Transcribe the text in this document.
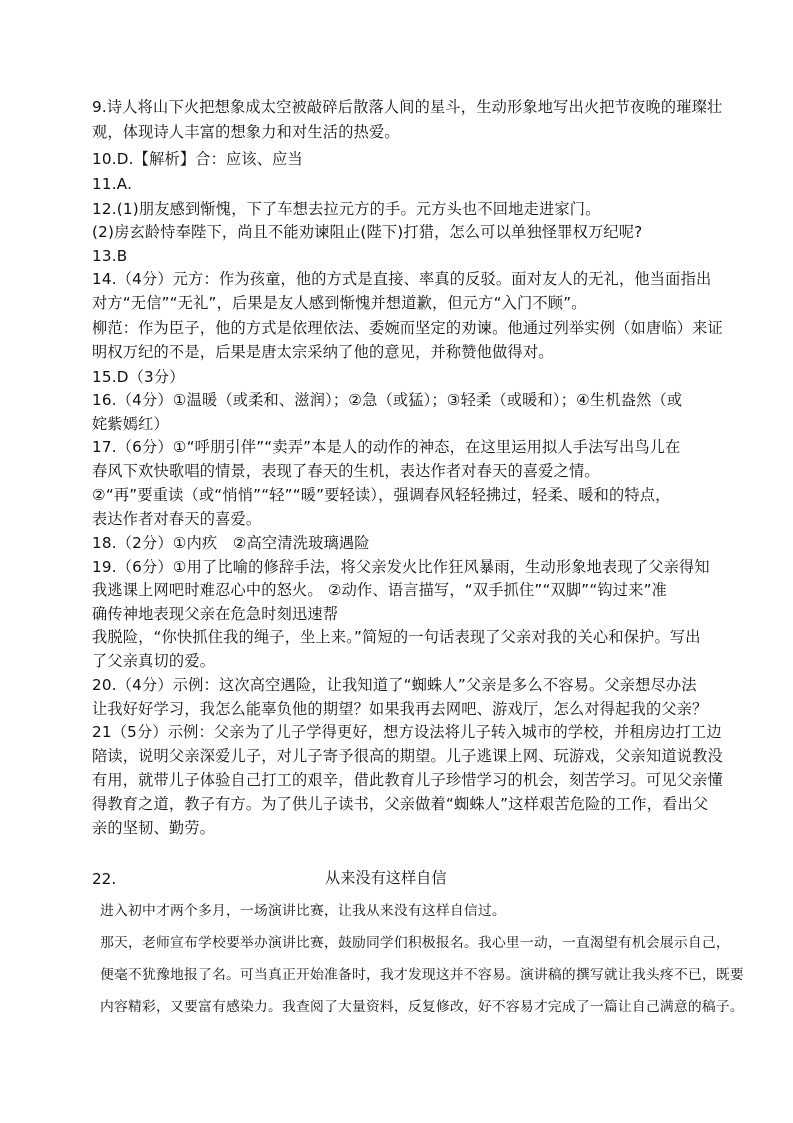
9.诗人将山下火把想象成太空被敲碎后散落人间的星斗，生动形象地写出火把节夜晚的璀璨壮
观，体现诗人丰富的想象力和对生活的热爱。
10.D.【解析】合：应该、应当
11.A.
12.(1)朋友感到惭愧，下了车想去拉元方的手。元方头也不回地走进家门。
(2)房玄龄恃奉陛下，尚且不能劝谏阻止(陛下)打猎，怎么可以单独怪罪权万纪呢?
13.B
14.（4分）元方：作为孩童，他的方式是直接、率真的反驳。面对友人的无礼，他当面指出
对方“无信”“无礼”，后果是友人感到惭愧并想道歉，但元方“入门不顾”。
柳范：作为臣子，他的方式是依理依法、委婉而坚定的劝谏。他通过列举实例（如唐临）来证
明权万纪的不是，后果是唐太宗采纳了他的意见，并称赞他做得对。
15.D（3分）
16.（4分）①温暖（或柔和、滋润）；②急（或猛）；③轻柔（或暖和）；④生机盎然（或
姹紫嫣红）
17.（6分）①“呼朋引伴”“卖弄”本是人的动作的神态，在这里运用拟人手法写出鸟儿在
春风下欢快歌唱的情景，表现了春天的生机，表达作者对春天的喜爱之情。
②“再”要重读（或“悄悄”“轻”“暖”要轻读），强调春风轻轻拂过，轻柔、暖和的特点，
表达作者对春天的喜爱。
18.（2分）①内疚　②高空清洗玻璃遇险
19.（6分）①用了比喻的修辞手法，将父亲发火比作狂风暴雨，生动形象地表现了父亲得知
我逃课上网吧时难忍心中的怒火。 ②动作、语言描写，“双手抓住”“双脚”“钩过来”准
确传神地表现父亲在危急时刻迅速帮
我脱险，“你快抓住我的绳子，坐上来。”简短的一句话表现了父亲对我的关心和保护。写出
了父亲真切的爱。
20.（4分）示例：这次高空遇险，让我知道了“蜘蛛人”父亲是多么不容易。父亲想尽办法
让我好好学习，我怎么能辜负他的期望？如果我再去网吧、游戏厅，怎么对得起我的父亲？
21（5分）示例：父亲为了儿子学得更好，想方设法将儿子转入城市的学校，并租房边打工边
陪读，说明父亲深爱儿子，对儿子寄予很高的期望。儿子逃课上网、玩游戏，父亲知道说教没
有用，就带儿子体验自己打工的艰辛，借此教育儿子珍惜学习的机会，刻苦学习。可见父亲懂
得教育之道，教子有方。为了供儿子读书，父亲做着“蜘蛛人”这样艰苦危险的工作，看出父
亲的坚韧、勤劳。
22.	从来没有这样自信
进入初中才两个多月，一场演讲比赛，让我从来没有这样自信过。
那天，老师宣布学校要举办演讲比赛，鼓励同学们积极报名。我心里一动，一直渴望有机会展示自己，
便毫不犹豫地报了名。可当真正开始准备时，我才发现这并不容易。演讲稿的撰写就让我头疼不已，既要
内容精彩，又要富有感染力。我查阅了大量资料，反复修改，好不容易才完成了一篇让自己满意的稿子。
